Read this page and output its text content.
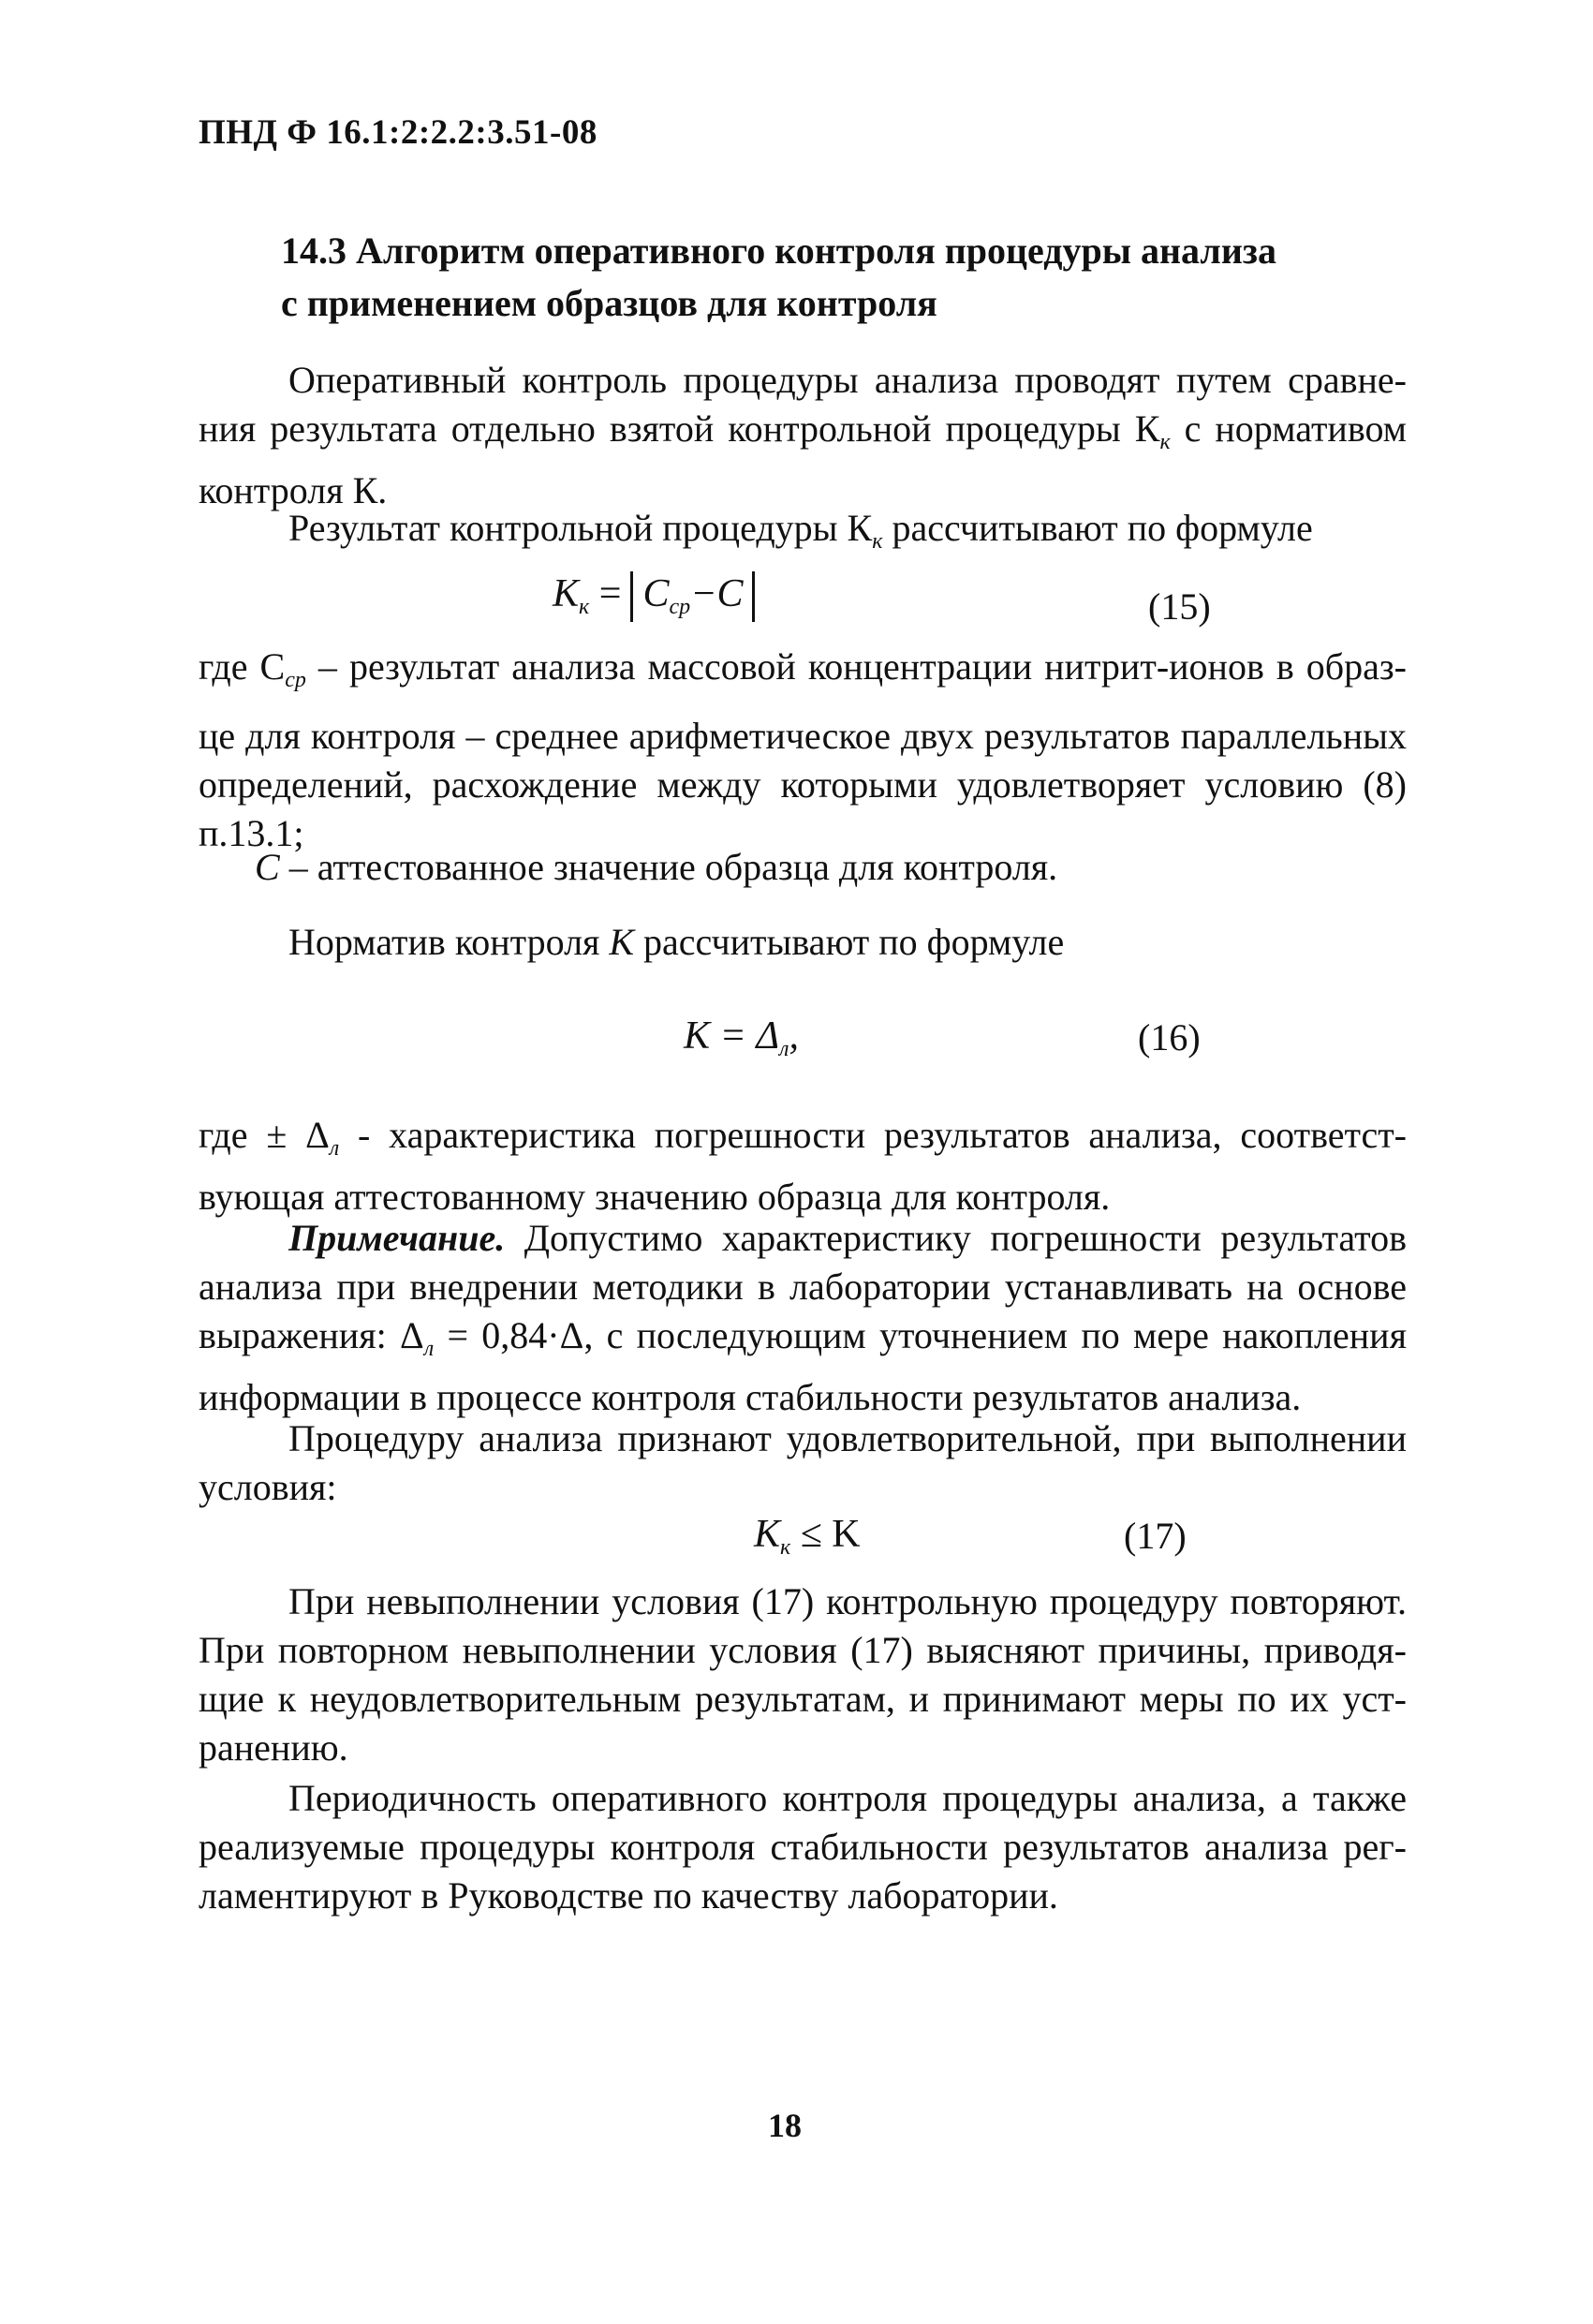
ПНД Ф 16.1:2:2.2:3.51-08
14.3 Алгоритм оперативного контроля процедуры анализа
с применением образцов для контроля
Оперативный контроль процедуры анализа проводят путем сравне-
ния результата отдельно взятой контрольной процедуры $К_к$ с нормативом
контроля К.
Результат контрольной процедуры $К_к$ рассчитывают по формуле
$K_к = C_{ср}-C$	(15)
где $C_{ср}$ – результат анализа массовой концентрации нитрит-ионов в образ-
це для контроля – среднее арифметическое двух результатов параллельных
определений, расхождение между которыми удовлетворяет условию (8)
п.13.1;
С – аттестованное значение образца для контроля.
Норматив контроля К рассчитывают по формуле
$K = \Delta_л$,	(16)
где ± $\Delta_л$ - характеристика погрешности результатов анализа, соответст-
вующая аттестованному значению образца для контроля.
Примечание. Допустимо характеристику погрешности результатов
анализа при внедрении методики в лаборатории устанавливать на основе
выражения: $\Delta_л = 0,84\cdot\Delta$, с последующим уточнением по мере накопления
информации в процессе контроля стабильности результатов анализа.
Процедуру анализа признают удовлетворительной, при выполнении
условия:
$K_к \le K$	(17)
При невыполнении условия (17) контрольную процедуру повторяют.
При повторном невыполнении условия (17) выясняют причины, приводя-
щие к неудовлетворительным результатам, и принимают меры по их уст-
ранению.
Периодичность оперативного контроля процедуры анализа, а также
реализуемые процедуры контроля стабильности результатов анализа рег-
ламентируют в Руководстве по качеству лаборатории.
18
